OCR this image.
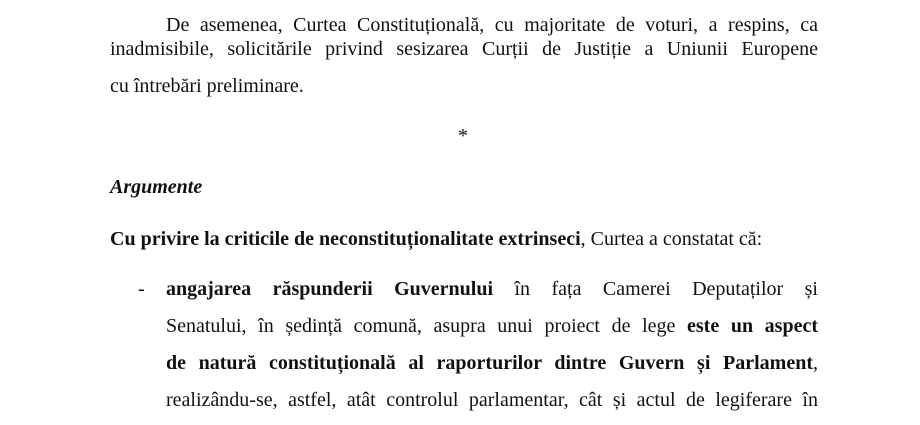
De asemenea, Curtea Constituțională, cu majoritate de voturi, a respins, ca
inadmisibile, solicitările privind sesizarea Curții de Justiție a Uniunii Europene
cu întrebări preliminare.
*
Argumente
Cu privire la criticile de neconstituționalitate extrinseci, Curtea a constatat că:
- angajarea răspunderii Guvernului în fața Camerei Deputaților și
Senatului, în ședință comună, asupra unui proiect de lege este un aspect
de natură constituțională al raporturilor dintre Guvern și Parlament,
realizându-se, astfel, atât controlul parlamentar, cât și actul de legiferare în
